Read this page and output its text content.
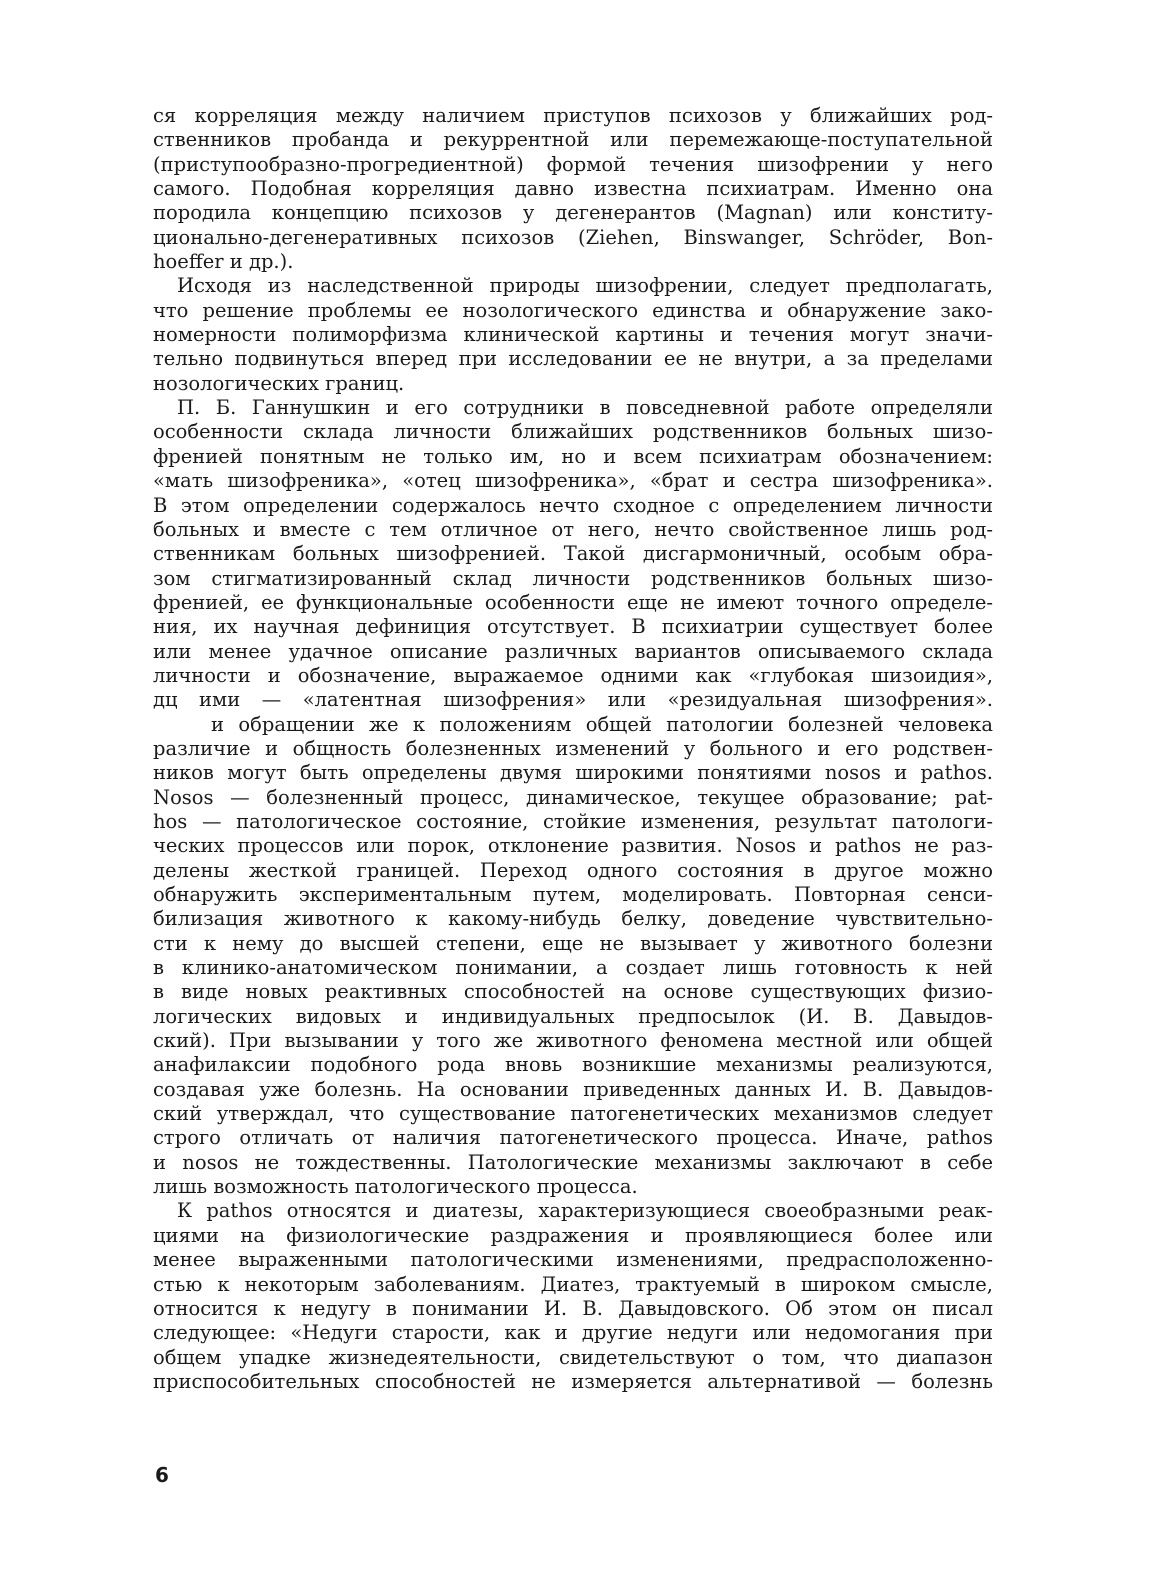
ся корреляция между наличием приступов психозов у ближайших род-
ственников пробанда и рекуррентной или перемежающе-поступательной
(приступообразно-прогредиентной) формой течения шизофрении у него
самого. Подобная корреляция давно известна психиатрам. Именно она
породила концепцию психозов у дегенерантов (Magnan) или конститу-
ционально-дегенеративных психозов (Ziehen, Binswanger, Schröder, Bon-
hoeffer и др.).
Исходя из наследственной природы шизофрении, следует предполагать,
что решение проблемы ее нозологического единства и обнаружение зако-
номерности полиморфизма клинической картины и течения могут значи-
тельно подвинуться вперед при исследовании ее не внутри, а за пределами
нозологических границ.
П. Б. Ганнушкин и его сотрудники в повседневной работе определяли
особенности склада личности ближайших родственников больных шизо-
френией понятным не только им, но и всем психиатрам обозначением:
«мать шизофреника», «отец шизофреника», «брат и сестра шизофреника».
В этом определении содержалось нечто сходное с определением личности
больных и вместе с тем отличное от него, нечто свойственное лишь род-
ственникам больных шизофренией. Такой дисгармоничный, особым обра-
зом стигматизированный склад личности родственников больных шизо-
френией, ее функциональные особенности еще не имеют точного определе-
ния, их научная дефиниция отсутствует. В психиатрии существует более
или менее удачное описание различных вариантов описываемого склада
личности и обозначение, выражаемое одними как «глубокая шизоидия»,
дц ими — «латентная шизофрения» или «резидуальная шизофрения».
и обращении же к положениям общей патологии болезней человека
различие и общность болезненных изменений у больного и его родствен-
ников могут быть определены двумя широкими понятиями nosos и pathos.
Nosos — болезненный процесс, динамическое, текущее образование; pat-
hos — патологическое состояние, стойкие изменения, результат патологи-
ческих процессов или порок, отклонение развития. Nosos и pathos не раз-
делены жесткой границей. Переход одного состояния в другое можно
обнаружить экспериментальным путем, моделировать. Повторная сенси-
билизация животного к какому-нибудь белку, доведение чувствительно-
сти к нему до высшей степени, еще не вызывает у животного болезни
в клинико-анатомическом понимании, а создает лишь готовность к ней
в виде новых реактивных способностей на основе существующих физио-
логических видовых и индивидуальных предпосылок (И. В. Давыдов-
ский). При вызывании у того же животного феномена местной или общей
анафилаксии подобного рода вновь возникшие механизмы реализуются,
создавая уже болезнь. На основании приведенных данных И. В. Давыдов-
ский утверждал, что существование патогенетических механизмов следует
строго отличать от наличия патогенетического процесса. Иначе, pathos
и nosos не тождественны. Патологические механизмы заключают в себе
лишь возможность патологического процесса.
К pathos относятся и диатезы, характеризующиеся своеобразными реак-
циями на физиологические раздражения и проявляющиеся более или
менее выраженными патологическими изменениями, предрасположенно-
стью к некоторым заболеваниям. Диатез, трактуемый в широком смысле,
относится к недугу в понимании И. В. Давыдовского. Об этом он писал
следующее: «Недуги старости, как и другие недуги или недомогания при
общем упадке жизнедеятельности, свидетельствуют о том, что диапазон
приспособительных способностей не измеряется альтернативой — болезнь
6
